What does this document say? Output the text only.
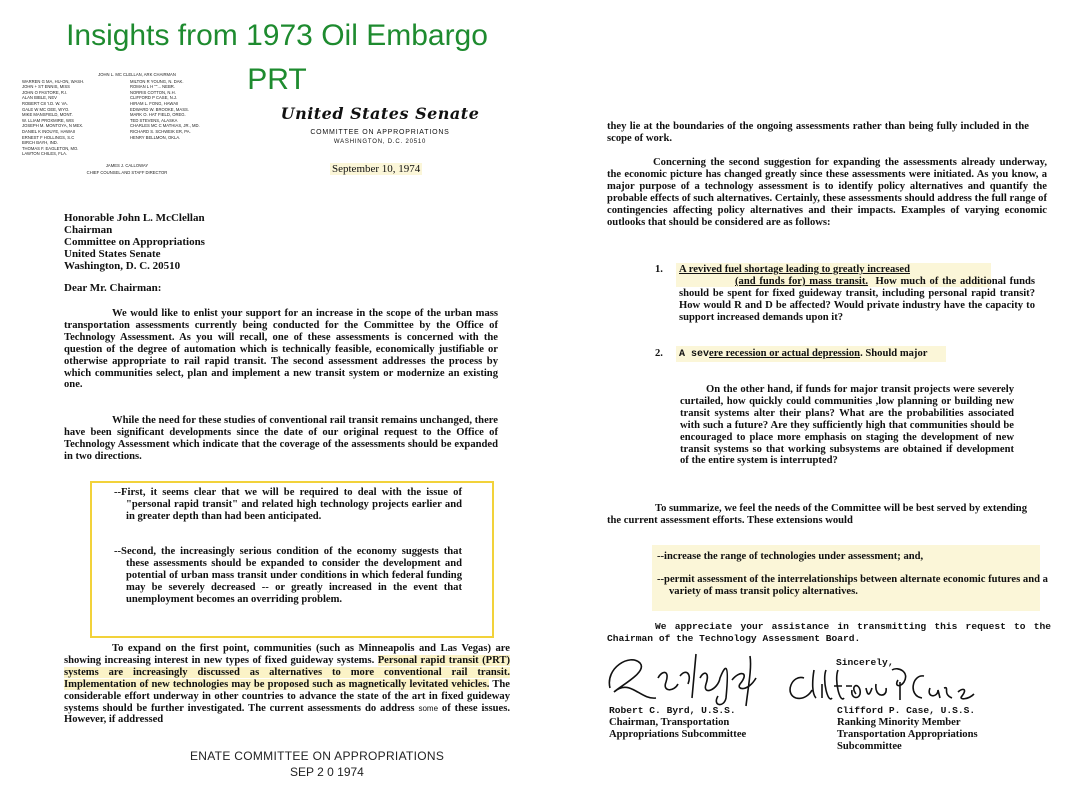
Insights from 1973 Oil Embargo
PRT
JOHN L. MC CLELLAN, ARK CHAIRMAN
WARREN G MA, HU-ON, WASH.
JOHN + ST ENNIS, MISS
JOHN O PASTORE, R.I.
ALAN BIBLE, NEV
ROBERT C8 'I.D. W. VA.
GALE W MC GEE, WYO.
MIKE MANSFIELD, MONT.
W. LLIAM PROXMIRE, WIS
JOSEPH M. MONTOYA, N MEX.
DANIEL K INOUYE, HAWAII
ERNEST F HOLLINGS, S.C
BIRCH BAYH, IND.
THOMAS F. EAGLETON, MO.
LAWTON CHILES, FLA.
MILTON R YOUNG, N. DAK.
ROMAN L H ''''... NEBR.
NORRIS COTTON, N.H.
CLIFFORD P CASE, N.J.
HIRAM L. FONG, HAWAII
EDWARD W. BROOKE, MASS.
MARK O. HAT FIELD, OREG.
TED STEVENS, ALASKA
CHARLES MC C MATHIAS, JR., MD.
RICHARD S. SCHWEIK ER, PA.
HENRY BELLMON, OKLA.
JAMES J. CALLOWAY
CHIEF COUNSEL AND STAFF DIRECTOR
United States Senate
COMMITTEE ON APPROPRIATIONS
WASHINGTON, D.C. 20510
September 10, 1974
Honorable John L. McClellan
Chairman
Committee on Appropriations
United States Senate
Washington, D. C. 20510
Dear Mr. Chairman:
We would like to enlist your support for an increase in the scope of the urban mass transportation assessments currently being conducted for the Committee by the Office of Technology Assessment. As you will recall, one of these assessments is concerned with the question of the degree of automation which is technically feasible, economically justifiable or otherwise appropriate to rail rapid transit. The second assessment addresses the process by which communities select, plan and implement a new transit system or modernize an existing one.
While the need for these studies of conventional rail transit remains unchanged, there have been significant developments since the date of our original request to the Office of Technology Assessment which indicate that the coverage of the assessments should be expanded in two directions.
--First, it seems clear that we will be required to deal with the issue of "personal rapid transit" and related high technology projects earlier and in greater depth than had been anticipated.
--Second, the increasingly serious condition of the economy suggests that these assessments should be expanded to consider the development and potential of urban mass transit under conditions in which federal funding may be severely decreased -- or greatly increased in the event that unemployment becomes an overriding problem.
To expand on the first point, communities (such as Minneapolis and Las Vegas) are showing increasing interest in new types of fixed guideway systems. Personal rapid transit (PRT) systems are increasingly discussed as alternatives to more conventional rail transit. Implementation of new technologies may be proposed such as magnetically levitated vehicles. The considerable effort underway in other countries to advance the state of the art in fixed guideway systems should be further investigated. The current assessments do address some of these issues. However, if addressed
ENATE COMMITTEE ON APPROPRIATIONS
SEP 2 0 1974
they lie at the boundaries of the ongoing assessments rather than being fully included in the scope of work.
Concerning the second suggestion for expanding the assessments already underway, the economic picture has changed greatly since these assessments were initiated. As you know, a major purpose of a technology assessment is to identify policy alternatives and quantify the probable effects of such alternatives. Certainly, these assessments should address the full range of contingencies affecting policy alternatives and their impacts. Examples of varying economic outlooks that should be considered are as follows:
1. A revived fuel shortage leading to greatly increased
(and funds for) mass transit. How much of the additional funds should be spent for fixed guideway transit, including personal rapid transit? How would R and D be affected? Would private industry have the capacity to support increased demands upon it?
2. A severe recession or actual depression. Should major
On the other hand, if funds for major transit projects were severely curtailed, how quickly could communities ,low planning or building new transit systems alter their plans? What are the probabilities associated with such a future? Are they sufficiently high that communities should be encouraged to place more emphasis on staging the development of new transit systems so that working subsystems are obtained if development of the entire system is interrupted?
To summarize, we feel the needs of the Committee will be best served by extending the current assessment efforts. These extensions would
--increase the range of technologies under assessment; and,
--permit assessment of the interrelationships between alternate economic futures and a variety of mass transit policy alternatives.
We appreciate your assistance in transmitting this request to the Chairman of the Technology Assessment Board.
Sincerely,
Robert C. Byrd, U.S.S.
Chairman, Transportation
Appropriations Subcommittee
Clifford P. Case, U.S.S.
Ranking Minority Member
Transportation Appropriations
Subcommittee
